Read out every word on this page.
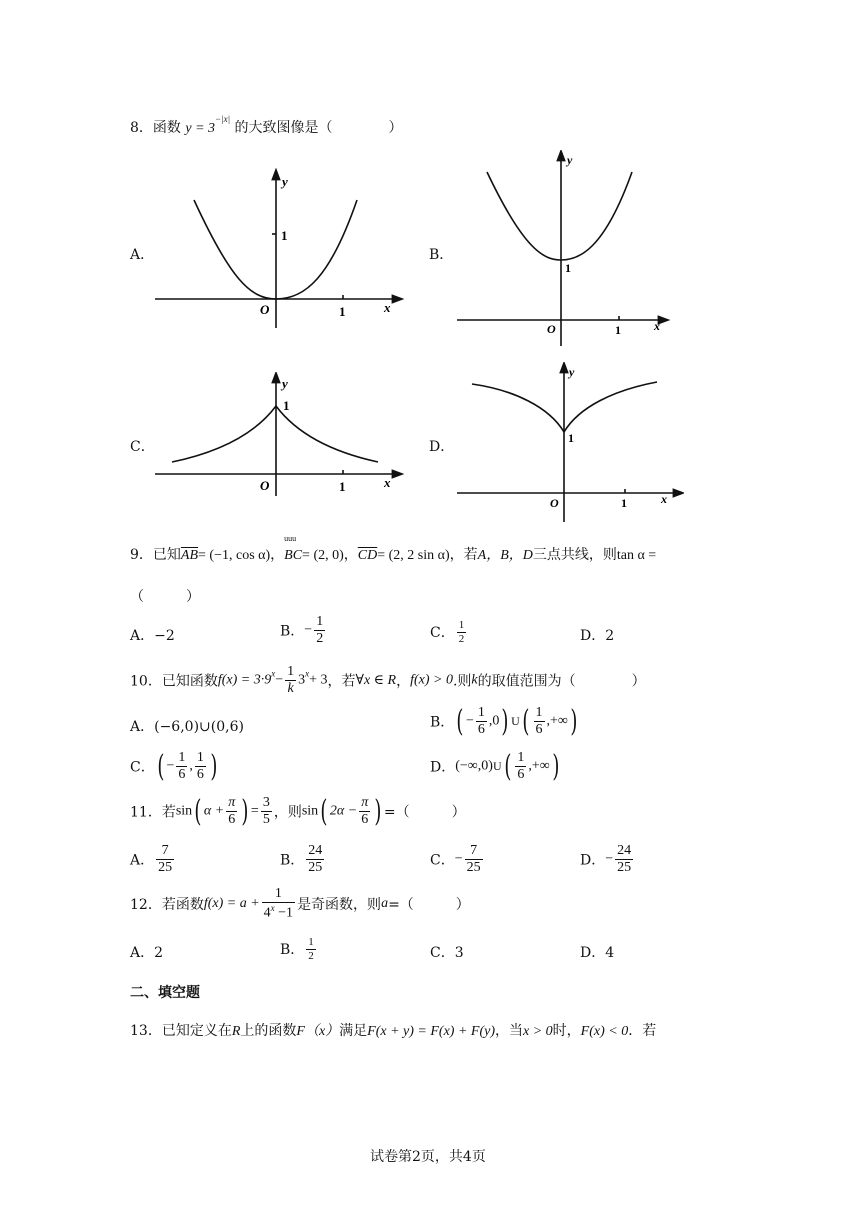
8．函数 $y = 3^{-|x|}$ 的大致图像是（　　　　）
A．	B．
C．	D．
y
1
O	1	x
y
1
O	1	x
y
1
O	1	x
y
1
O	1	x
9．已知$\overline{AB}= (-1$, cos α)，
uuu
BC= (2, 0)，$\overline{CD}= (2$, 2 sin α)，若A，B，D三点共线，则tan α =
（　　　）
A．−2	B．− $\frac{1}{2}$	C． $\frac{1}{2}$	D．2
10．已知函数$f(x) = 3\cdot 9^x- \frac{1}{k} 3^x+ 3$，若∀x ∈ R，f(x) > 0.则k的取值范围为（　　　　）
A．(−6,0)∪(0,6)	B．( − $\frac{1}{6} ,0$) $U( \frac{1}{6}$ ,+∞)
C．( − $\frac{1}{6}$ , $\frac{1}{6}$ )	D．$(-\infty,0)U( \frac{1}{6}$ ,+∞)
11．若sin( $\alpha + \frac{\pi}{6}$ ) = $\frac{3}{5}$ ，则sin( $2\alpha - \frac{\pi}{6}$ ) =（　　　）
A． $\frac{7}{25}$	B． $\frac{24}{25}$	C．− $\frac{7}{25}$	D．− $\frac{24}{25}$
12．若函数$f(x) = a + \frac{1}{4^x -1}$ 是奇函数，则a=（　　　）
A．2	B． $\frac{1}{2}$	C．3	D．4
二、填空题
13．已知定义在R上的函数F（x）满足F(x + y) = F(x) + F(y)，当x > 0时，F(x) < 0．若
试卷第2页，共4页
